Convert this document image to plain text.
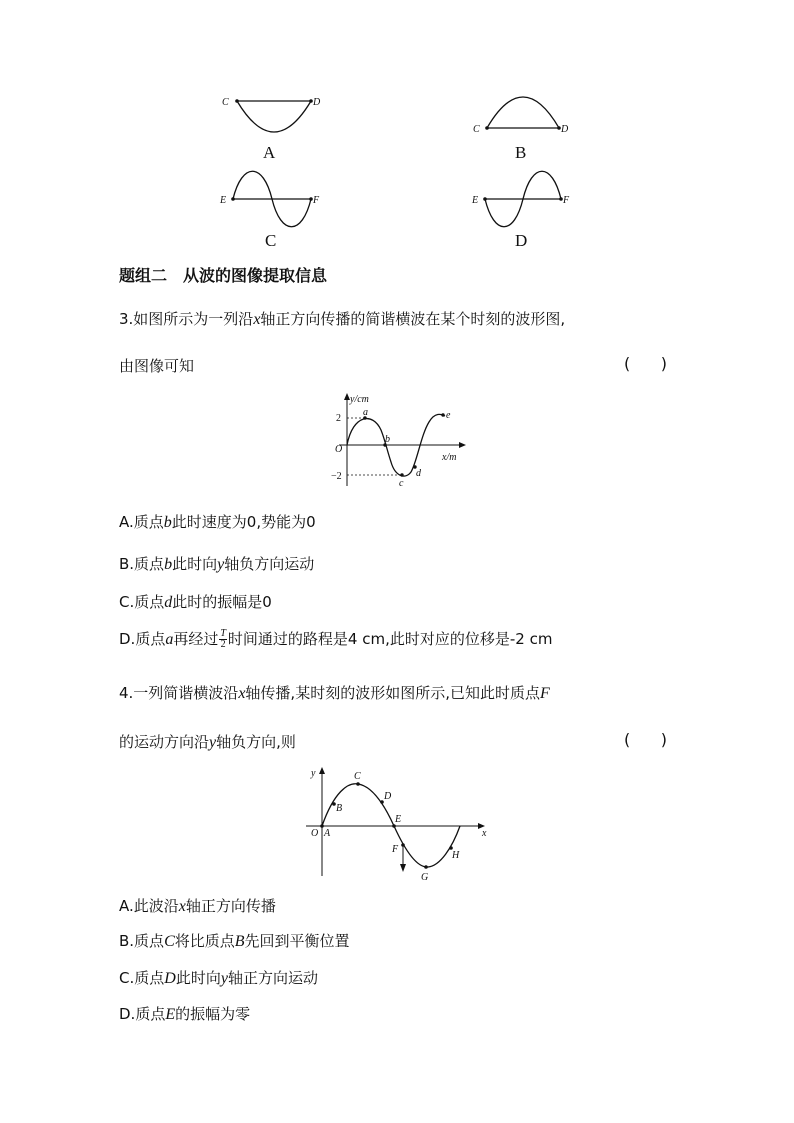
C	D
A
C	D
B
E	F
C
E	F
D
题组二　从波的图像提取信息
3.如图所示为一列沿x轴正方向传播的简谐横波在某个时刻的波形图,
由图像可知	(      )
a
b
c
d
e
y/cm
x/m
O
2
−2
A.质点b此时速度为0,势能为0
B.质点b此时向y轴负方向运动
C.质点d此时的振幅是0
D.质点a再经过 $\frac{T}{2}$ 时间通过的路程是4 cm,此时对应的位移是-2 cm
4.一列简谐横波沿x轴传播,某时刻的波形如图所示,已知此时质点F
的运动方向沿y轴负方向,则	(      )
y
x
O A
B
C
D
E
F
G
H
A.此波沿x轴正方向传播
B.质点C将比质点B先回到平衡位置
C.质点D此时向y轴正方向运动
D.质点E的振幅为零
